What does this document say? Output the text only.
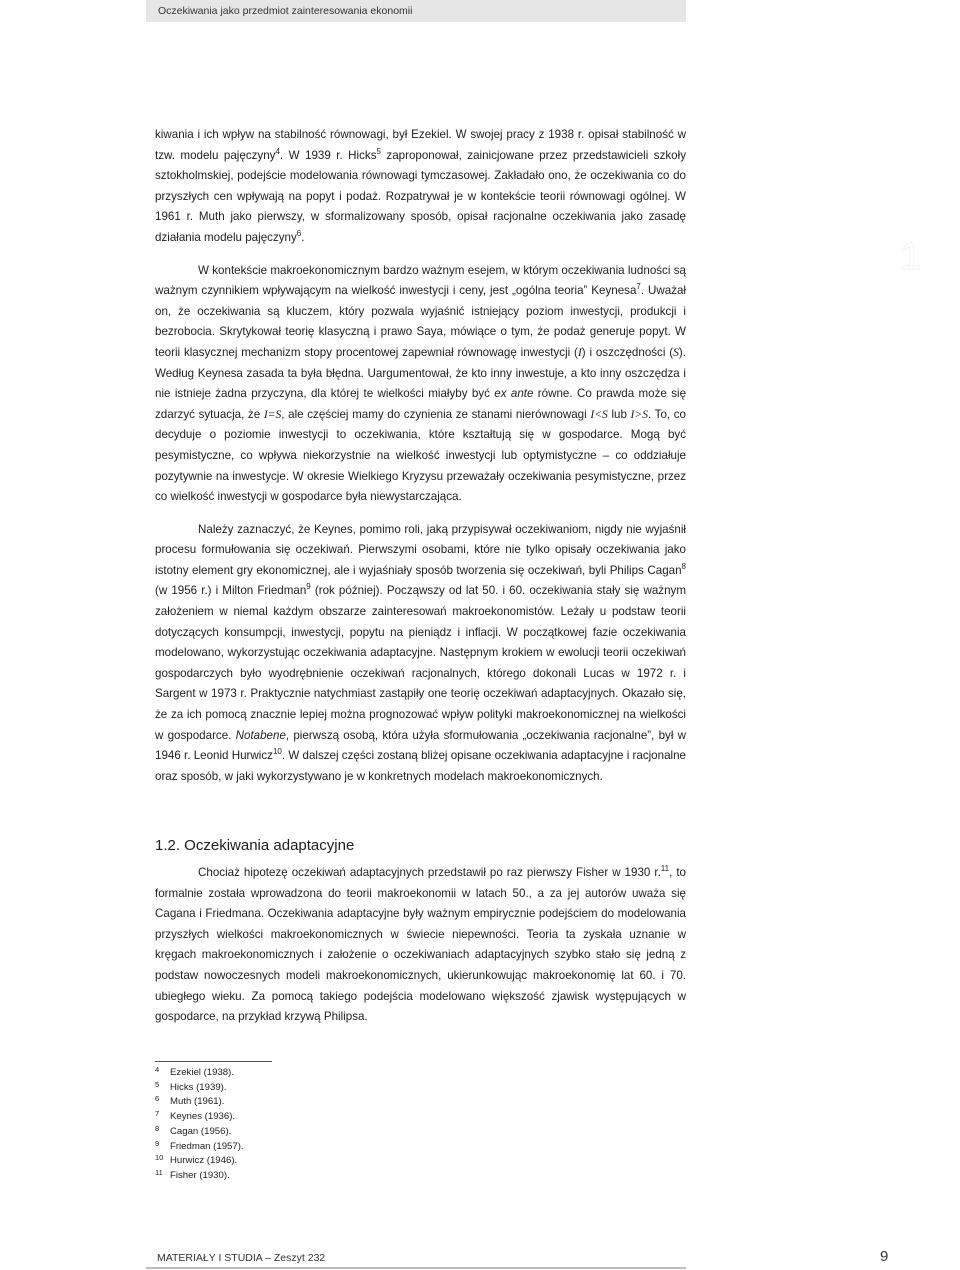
Oczekiwania jako przedmiot zainteresowania ekonomii
1

kiwania i ich wpływ na stabilność równowagi, był Ezekiel. W swojej pracy z 1938 r. opisał stabilność w tzw. modelu pajęczyny$^4$. W 1939 r. Hicks$^5$ zaproponował, zainicjowane przez przedstawicieli szkoły sztokholmskiej, podejście modelowania równowagi tymczasowej. Zakładało ono, że oczekiwania co do przyszłych cen wpływają na popyt i podaż. Rozpatrywał je w kontekście teorii równowagi ogólnej. W 1961 r. Muth jako pierwszy, w sformalizowany sposób, opisał racjonalne oczekiwania jako zasadę działania modelu pajęczyny$^6$.

W kontekście makroekonomicznym bardzo ważnym esejem, w którym oczekiwania ludności są ważnym czynnikiem wpływającym na wielkość inwestycji i ceny, jest „ogólna teoria” Keynesa$^7$. Uważał on, że oczekiwania są kluczem, który pozwala wyjaśnić istniejący poziom inwestycji, produkcji i bezrobocia. Skrytykował teorię klasyczną i prawo Saya, mówiące o tym, że podaż generuje popyt. W teorii klasycznej mechanizm stopy procentowej zapewniał równowagę inwestycji (I) i oszczędności (S). Według Keynesa zasada ta była błędna. Uargumentował, że kto inny inwestuje, a kto inny oszczędza i nie istnieje żadna przyczyna, dla której te wielkości miałyby być ex ante równe. Co prawda może się zdarzyć sytuacja, że I=S, ale częściej mamy do czynienia ze stanami nierównowagi I<S lub I>S. To, co decyduje o poziomie inwestycji to oczekiwania, które kształtują się w gospodarce. Mogą być pesymistyczne, co wpływa niekorzystnie na wielkość inwestycji lub optymistyczne – co oddziałuje pozytywnie na inwestycje. W okresie Wielkiego Kryzysu przeważały oczekiwania pesymistyczne, przez co wielkość inwestycji w gospodarce była niewystarczająca.

Należy zaznaczyć, że Keynes, pomimo roli, jaką przypisywał oczekiwaniom, nigdy nie wyjaśnił procesu formułowania się oczekiwań. Pierwszymi osobami, które nie tylko opisały oczekiwania jako istotny element gry ekonomicznej, ale i wyjaśniały sposób tworzenia się oczekiwań, byli Philips Cagan$^8$ (w 1956 r.) i Milton Friedman$^9$ (rok później). Począwszy od lat 50. i 60. oczekiwania stały się ważnym założeniem w niemal każdym obszarze zainteresowań makroekonomistów. Leżały u podstaw teorii dotyczących konsumpcji, inwestycji, popytu na pieniądz i inflacji. W początkowej fazie oczekiwania modelowano, wykorzystując oczekiwania adaptacyjne. Następnym krokiem w ewolucji teorii oczekiwań gospodarczych było wyodrębnienie oczekiwań racjonalnych, którego dokonali Lucas w 1972 r. i Sargent w 1973 r. Praktycznie natychmiast zastąpiły one teorię oczekiwań adaptacyjnych. Okazało się, że za ich pomocą znacznie lepiej można prognozować wpływ polityki makroekonomicznej na wielkości w gospodarce. Notabene, pierwszą osobą, która użyła sformułowania „oczekiwania racjonalne”, był w 1946 r. Leonid Hurwicz$^{10}$. W dalszej części zostaną bliżej opisane oczekiwania adaptacyjne i racjonalne oraz sposób, w jaki wykorzystywano je w konkretnych modelach makroekonomicznych.

1.2. Oczekiwania adaptacyjne

Chociaż hipotezę oczekiwań adaptacyjnych przedstawił po raz pierwszy Fisher w 1930 r.$^{11}$, to formalnie została wprowadzona do teorii makroekonomii w latach 50., a za jej autorów uważa się Cagana i Friedmana. Oczekiwania adaptacyjne były ważnym empirycznie podejściem do modelowania przyszłych wielkości makroekonomicznych w świecie niepewności. Teoria ta zyskała uznanie w kręgach makroekonomicznych i założenie o oczekiwaniach adaptacyjnych szybko stało się jedną z podstaw nowoczesnych modeli makroekonomicznych, ukierunkowując makroekonomię lat 60. i 70. ubiegłego wieku. Za pomocą takiego podejścia modelowano większość zjawisk występujących w gospodarce, na przykład krzywą Philipsa.

4 Ezekiel (1938).
5 Hicks (1939).
6 Muth (1961).
7 Keynes (1936).
8 Cagan (1956).
9 Friedman (1957).
10 Hurwicz (1946).
11 Fisher (1930).
MATERIAŁY I STUDIA – Zeszyt 232	9
